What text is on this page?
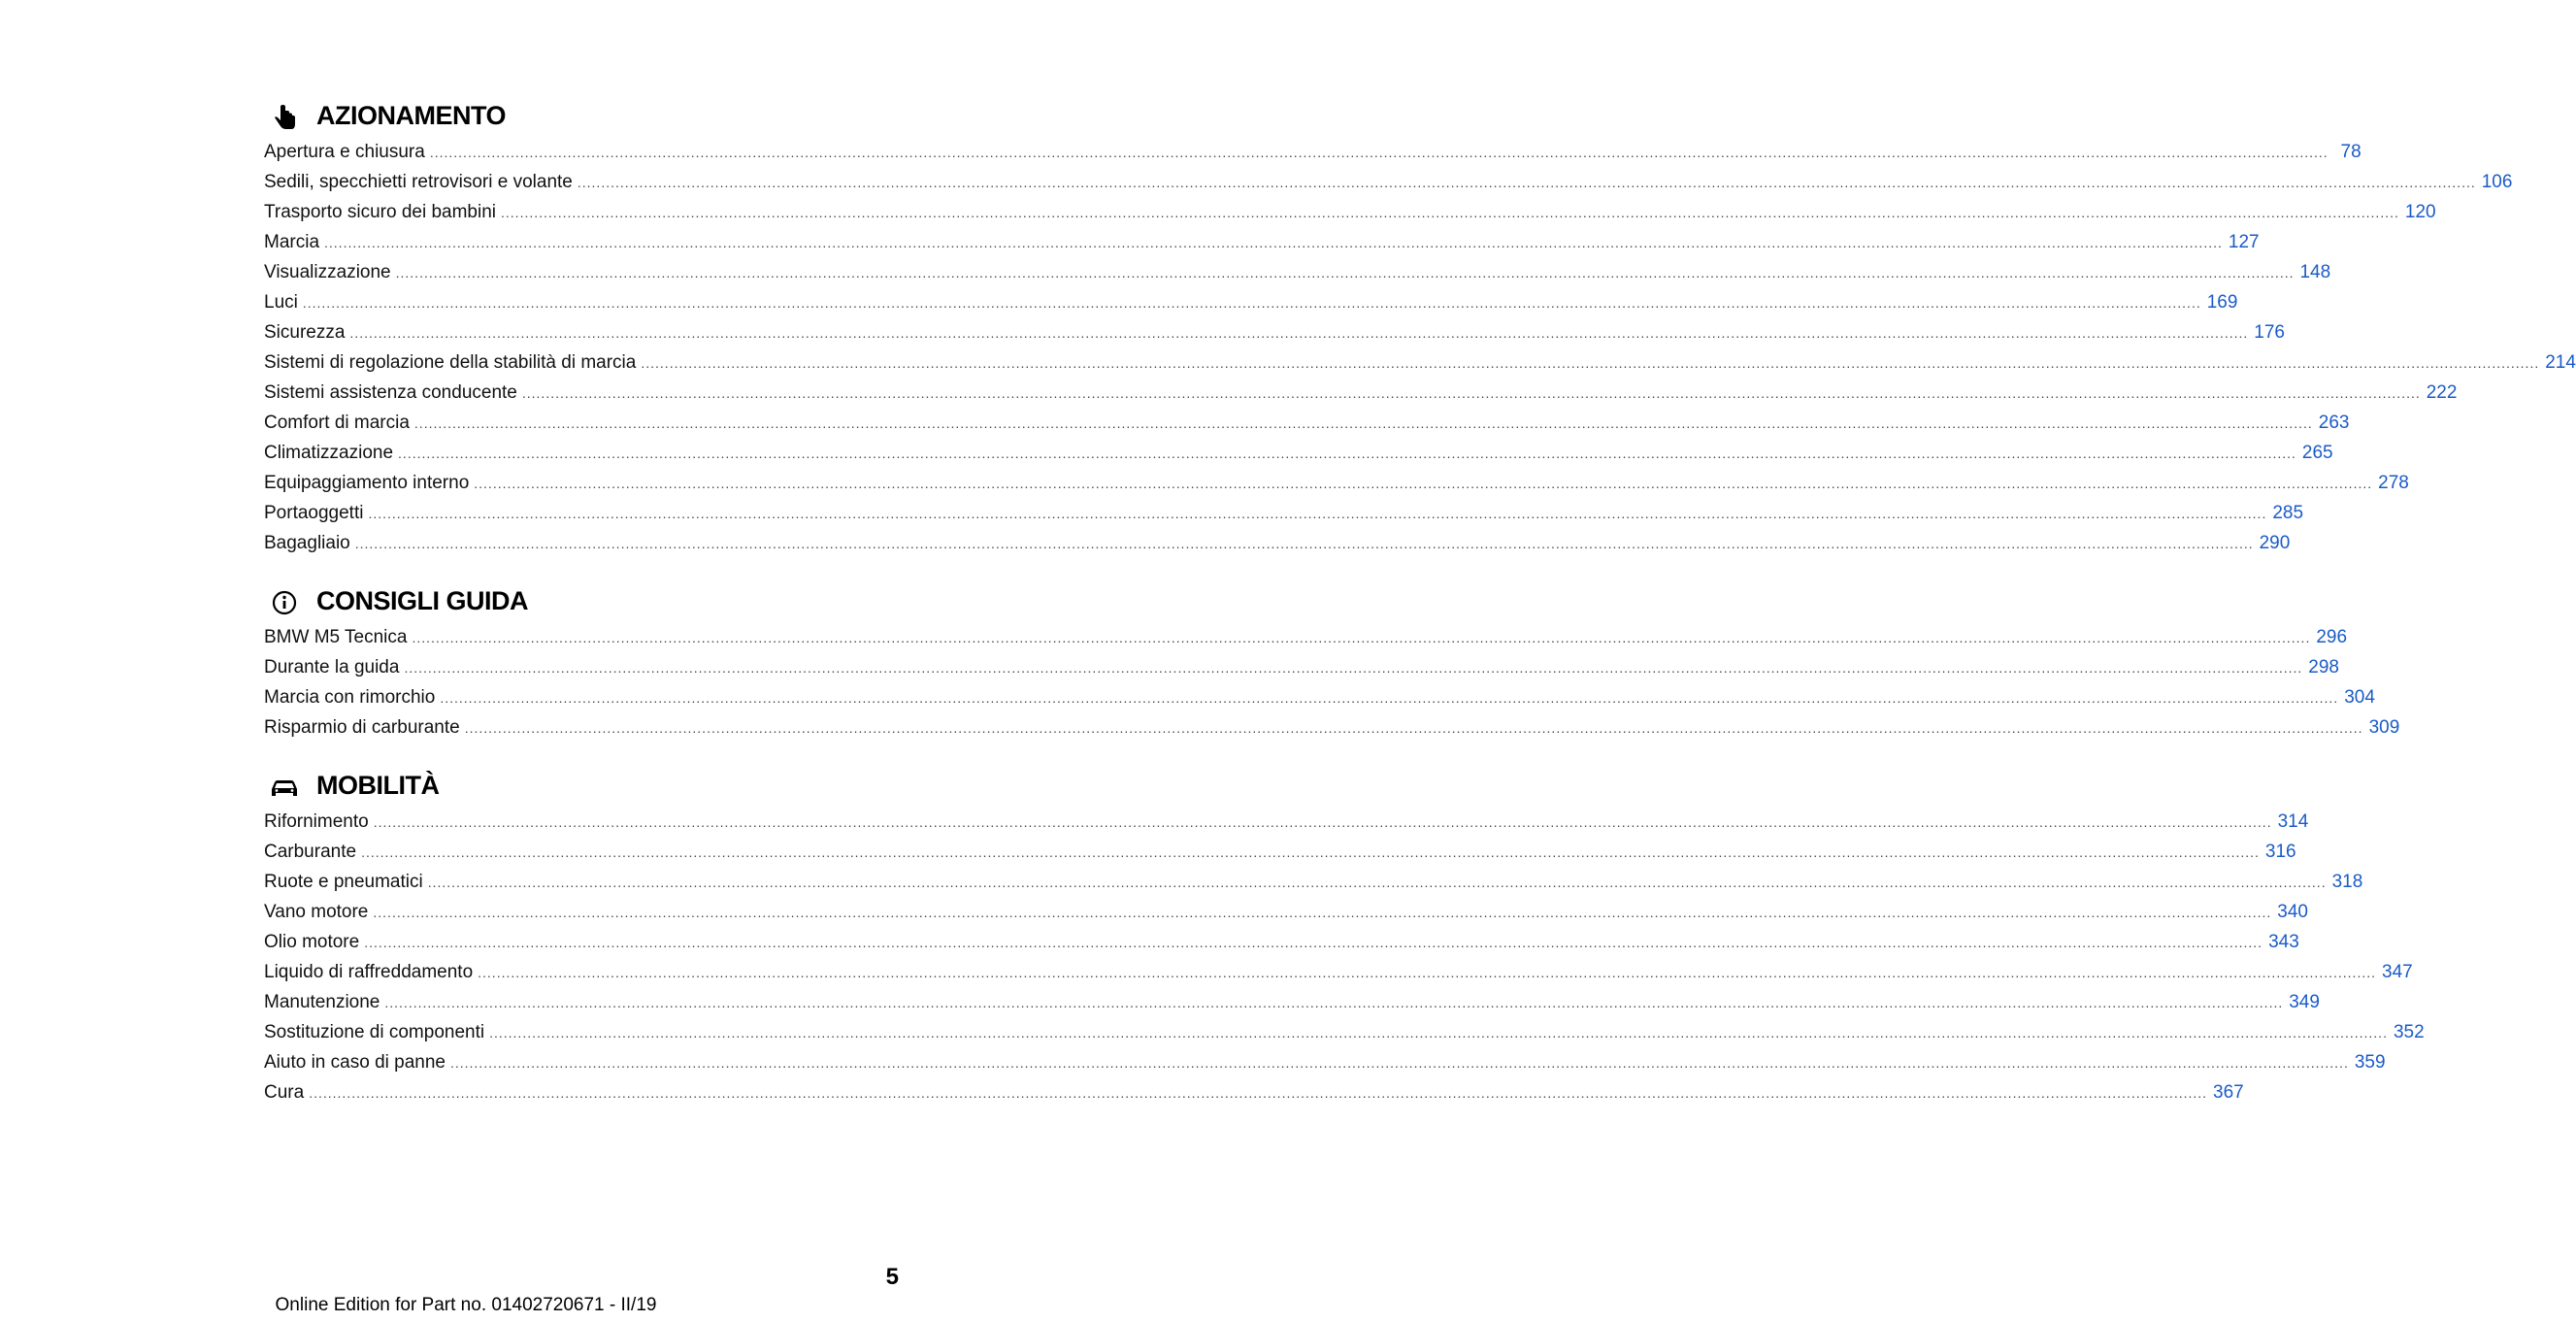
AZIONAMENTO
Apertura e chiusura ................................................................................................................................................................................................................................................................................................................................................................................................................ 78
Sedili, specchietti retrovisori e volante ................................................................................................................................................................................................................................................................................................................................................................................................................ 106
Trasporto sicuro dei bambini ................................................................................................................................................................................................................................................................................................................................................................................................................ 120
Marcia ................................................................................................................................................................................................................................................................................................................................................................................................................ 127
Visualizzazione ................................................................................................................................................................................................................................................................................................................................................................................................................ 148
Luci ................................................................................................................................................................................................................................................................................................................................................................................................................ 169
Sicurezza ................................................................................................................................................................................................................................................................................................................................................................................................................ 176
Sistemi di regolazione della stabilità di marcia ................................................................................................................................................................................................................................................................................................................................................................................................................ 214
Sistemi assistenza conducente ................................................................................................................................................................................................................................................................................................................................................................................................................ 222
Comfort di marcia ................................................................................................................................................................................................................................................................................................................................................................................................................ 263
Climatizzazione ................................................................................................................................................................................................................................................................................................................................................................................................................ 265
Equipaggiamento interno ................................................................................................................................................................................................................................................................................................................................................................................................................ 278
Portaoggetti ................................................................................................................................................................................................................................................................................................................................................................................................................ 285
Bagagliaio ................................................................................................................................................................................................................................................................................................................................................................................................................ 290
CONSIGLI GUIDA
BMW M5 Tecnica ................................................................................................................................................................................................................................................................................................................................................................................................................ 296
Durante la guida ................................................................................................................................................................................................................................................................................................................................................................................................................ 298
Marcia con rimorchio ................................................................................................................................................................................................................................................................................................................................................................................................................ 304
Risparmio di carburante ................................................................................................................................................................................................................................................................................................................................................................................................................ 309
MOBILITÀ
Rifornimento ................................................................................................................................................................................................................................................................................................................................................................................................................ 314
Carburante ................................................................................................................................................................................................................................................................................................................................................................................................................ 316
Ruote e pneumatici ................................................................................................................................................................................................................................................................................................................................................................................................................ 318
Vano motore ................................................................................................................................................................................................................................................................................................................................................................................................................ 340
Olio motore ................................................................................................................................................................................................................................................................................................................................................................................................................ 343
Liquido di raffreddamento ................................................................................................................................................................................................................................................................................................................................................................................................................ 347
Manutenzione ................................................................................................................................................................................................................................................................................................................................................................................................................ 349
Sostituzione di componenti ................................................................................................................................................................................................................................................................................................................................................................................................................ 352
Aiuto in caso di panne ................................................................................................................................................................................................................................................................................................................................................................................................................ 359
Cura ................................................................................................................................................................................................................................................................................................................................................................................................................ 367
5
Online Edition for Part no. 01402720671 - II/19
